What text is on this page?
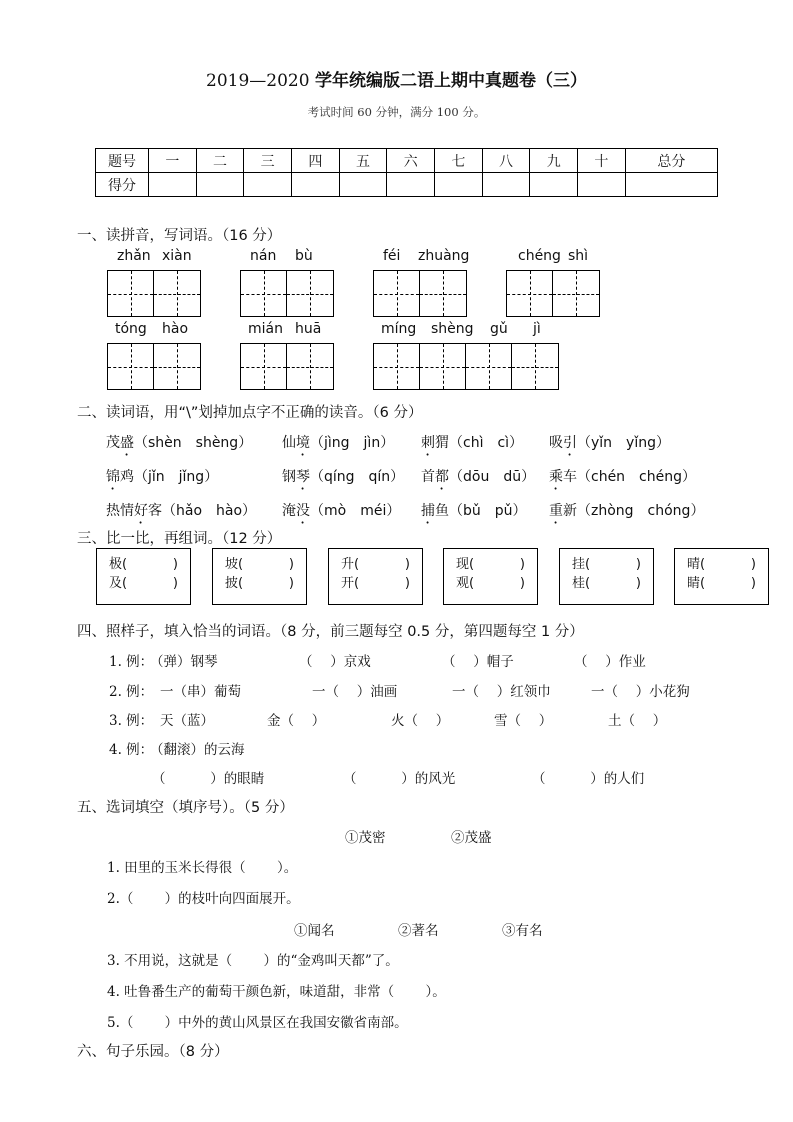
2019—2020 学年统编版二语上期中真题卷（三）
考试时间 60 分钟，满分 100 分。
题号	一	二	三	四	五	六	七	八	九	十	总分
得分											
一、读拼音，写词语。（16 分）
zhǎn xiàn	nán bù	féi zhuàng	chéng shì
tóng hào	mián huā	míng shèng gǔ jì
二、读词语，用“\”划掉加点字不正确的读音。（6 分）
茂盛（shèn　shèng） 仙境（jìng　jìn） 刺猬（chì　cì） 吸引（yǐn　yǐng）
锦鸡（jǐn　jǐng）	钢琴（qíng　qín） 首都（dōu　dū） 乘车（chén　chéng）
热情好客（hǎo　hào） 淹没（mò　méi） 捕鱼（bǔ　pǔ） 重新（zhòng　chóng）
三、比一比，再组词。（12 分）
极(	)
及(	)
坡(	)
披(	)
升(	)
开(	)
现(	)
观(	)
挂(	)
桂(	)
晴(	)
睛(	)
四、照样子，填入恰当的词语。（8 分，前三题每空 0.5 分，第四题每空 1 分）
1. 例：
（弹）钢琴	（　 ）京戏	（　 ）帽子	（　 ）作业
2. 例： 一（串）葡萄	一（　 ）油画	一（　 ）红领巾	一（　 ）小花狗
3. 例： 天（蓝）	金（　 ）	火（　 ）	雪（　 ）	土（　 ）
4. 例：
（翻滚）的云海
（　　　 ）的眼睛	（　　　 ）的风光	（　　　 ）的人们
五、选词填空（填序号）。（5 分）
①茂密	②茂盛
1. 田里的玉米长得很（　　 ）。
2.（　　 ）的枝叶向四面展开。
①闻名	②著名	③有名
3. 不用说，这就是（　　 ）的“金鸡叫天都”了。
4. 吐鲁番生产的葡萄干颜色新，味道甜，非常（　　 ）。
5.（　　 ）中外的黄山风景区在我国安徽省南部。
六、句子乐园。（8 分）
